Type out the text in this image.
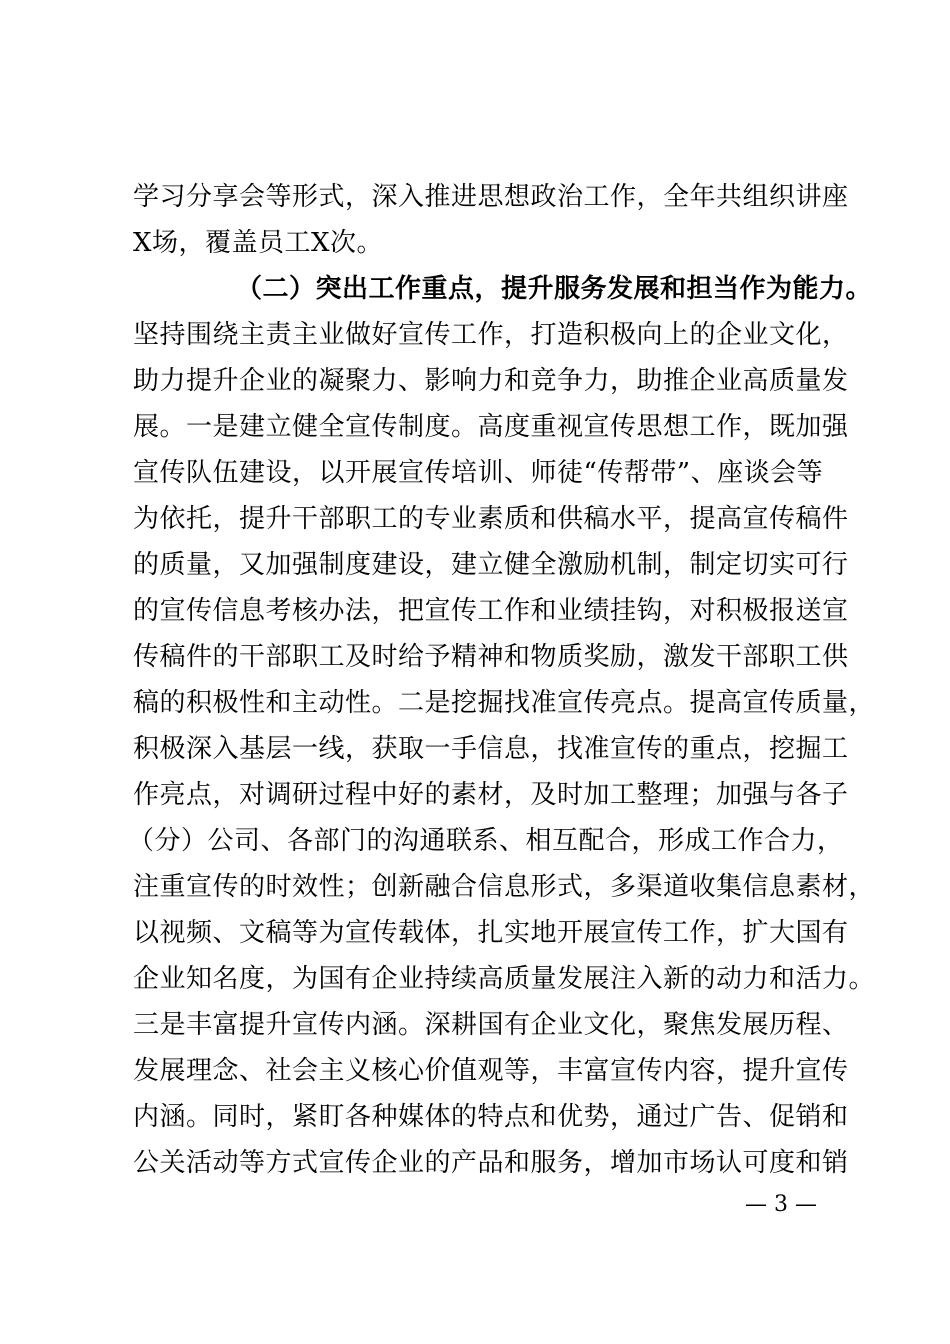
学习分享会等形式，深入推进思想政治工作，全年共组织讲座
X场，覆盖员工X次。
（二）突出工作重点，提升服务发展和担当作为能力。
坚持围绕主责主业做好宣传工作，打造积极向上的企业文化，
助力提升企业的凝聚力、影响力和竞争力，助推企业高质量发
展。一是建立健全宣传制度。高度重视宣传思想工作，既加强
宣传队伍建设，以开展宣传培训、师徒“传帮带”、座谈会等
为依托，提升干部职工的专业素质和供稿水平，提高宣传稿件
的质量，又加强制度建设，建立健全激励机制，制定切实可行
的宣传信息考核办法，把宣传工作和业绩挂钩，对积极报送宣
传稿件的干部职工及时给予精神和物质奖励，激发干部职工供
稿的积极性和主动性。二是挖掘找准宣传亮点。提高宣传质量，
积极深入基层一线，获取一手信息，找准宣传的重点，挖掘工
作亮点，对调研过程中好的素材，及时加工整理；加强与各子
（分）公司、各部门的沟通联系、相互配合，形成工作合力，
注重宣传的时效性；创新融合信息形式，多渠道收集信息素材，
以视频、文稿等为宣传载体，扎实地开展宣传工作，扩大国有
企业知名度，为国有企业持续高质量发展注入新的动力和活力。
三是丰富提升宣传内涵。深耕国有企业文化，聚焦发展历程、
发展理念、社会主义核心价值观等，丰富宣传内容，提升宣传
内涵。同时，紧盯各种媒体的特点和优势，通过广告、促销和
公关活动等方式宣传企业的产品和服务，增加市场认可度和销
— 3 —
